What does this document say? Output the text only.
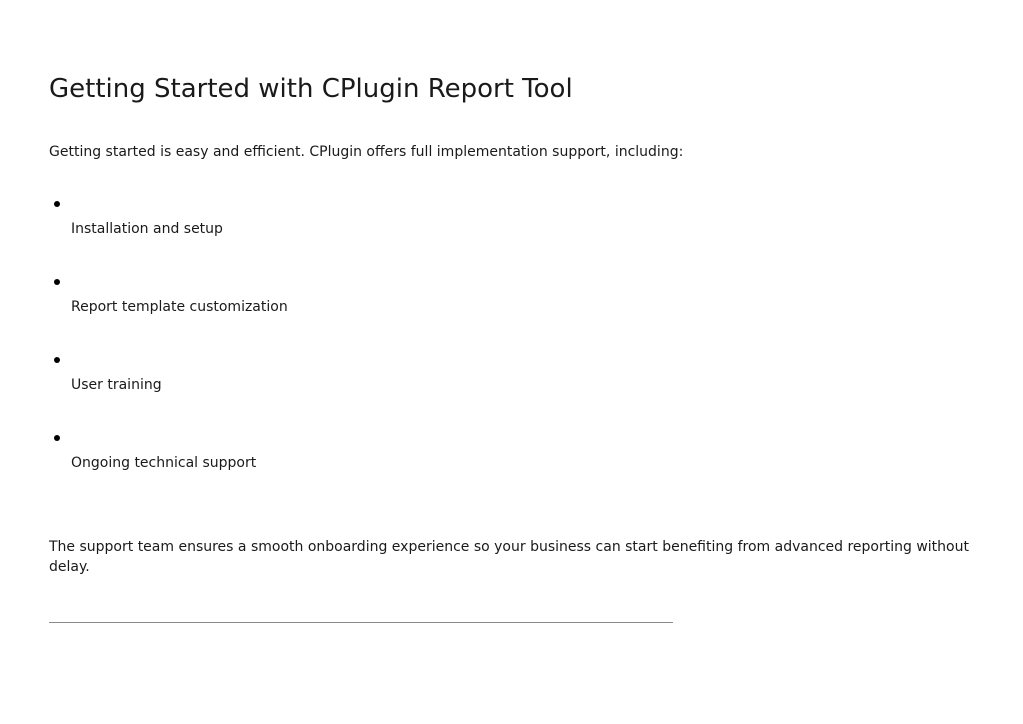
Getting Started with CPlugin Report Tool

Getting started is easy and efficient. CPlugin offers full implementation support, including:

Installation and setup
Report template customization
User training
Ongoing technical support

The support team ensures a smooth onboarding experience so your business can start benefiting from advanced reporting without delay.
